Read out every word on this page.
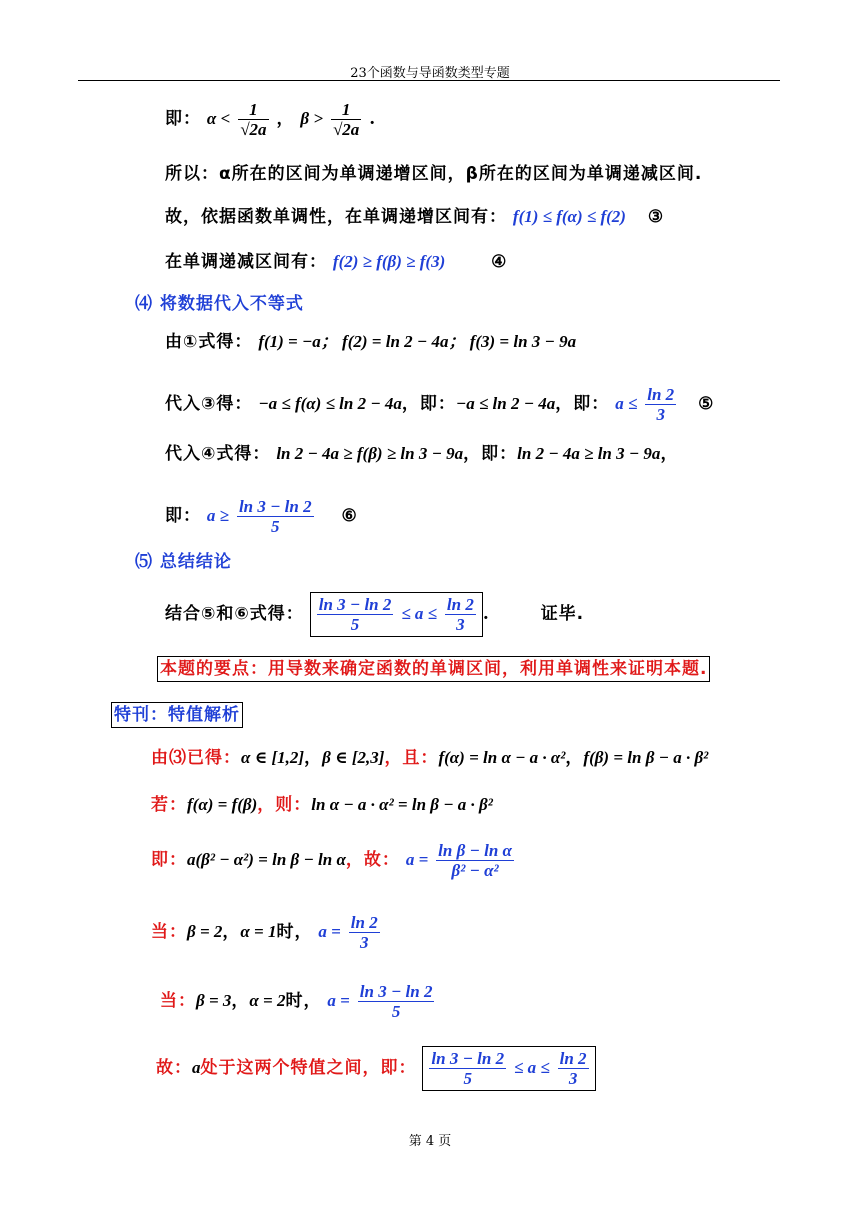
23个函数与导函数类型专题
即： $\alpha < \frac{1}{√2a}$ ， $\beta > \frac{1}{√2a}$ .
所以：α所在的区间为单调递增区间，β所在的区间为单调递减区间.
故，依据函数单调性，在单调递增区间有： f(1) ≤ f(α) ≤ f(2) ③
在单调递减区间有： f(2) ≥ f(β) ≥ f(3)	④
⑷ 将数据代入不等式
由①式得： f(1) = −a； f(2) = ln 2 − 4a； f(3) = ln 3 − 9a
代入③得： −a ≤ f(α) ≤ ln 2 − 4a，即：−a ≤ ln 2 − 4a，即： $a \le \frac{\ln 2}{3}$ ⑤
代入④式得： ln 2 − 4a ≥ f(β) ≥ ln 3 − 9a，即：ln 2 − 4a ≥ ln 3 − 9a，
即： $a \ge \frac{\ln 3 - \ln 2}{5}$ ⑥
⑸ 总结结论
结合⑤和⑥式得： $\frac{\ln 3 - \ln 2}{5} \le a \le \frac{\ln 2}{3}$ .	证毕.
本题的要点：用导数来确定函数的单调区间，利用单调性来证明本题.
特刊：特值解析
由⑶已得：α ∈ [1,2]，β ∈ [2,3]，且：f(α) = ln α − a · α²，f(β) = ln β − a · β²
若：f(α) = f(β)，则：ln α − a · α² = ln β − a · β²
即：a(β² − α²) = ln β − ln α，故： $a = \frac{\text{ln β − ln α}}{\text{β² − α²}}$
当：β = 2，α = 1时， $a = \frac{\ln 2}{3}$
当：β = 3，α = 2时， $a = \frac{\ln 3 - \ln 2}{5}$
故：a处于这两个特值之间，即： $\frac{\ln 3 - \ln 2}{5} \le a \le \frac{\ln 2}{3}$
第 4 页
